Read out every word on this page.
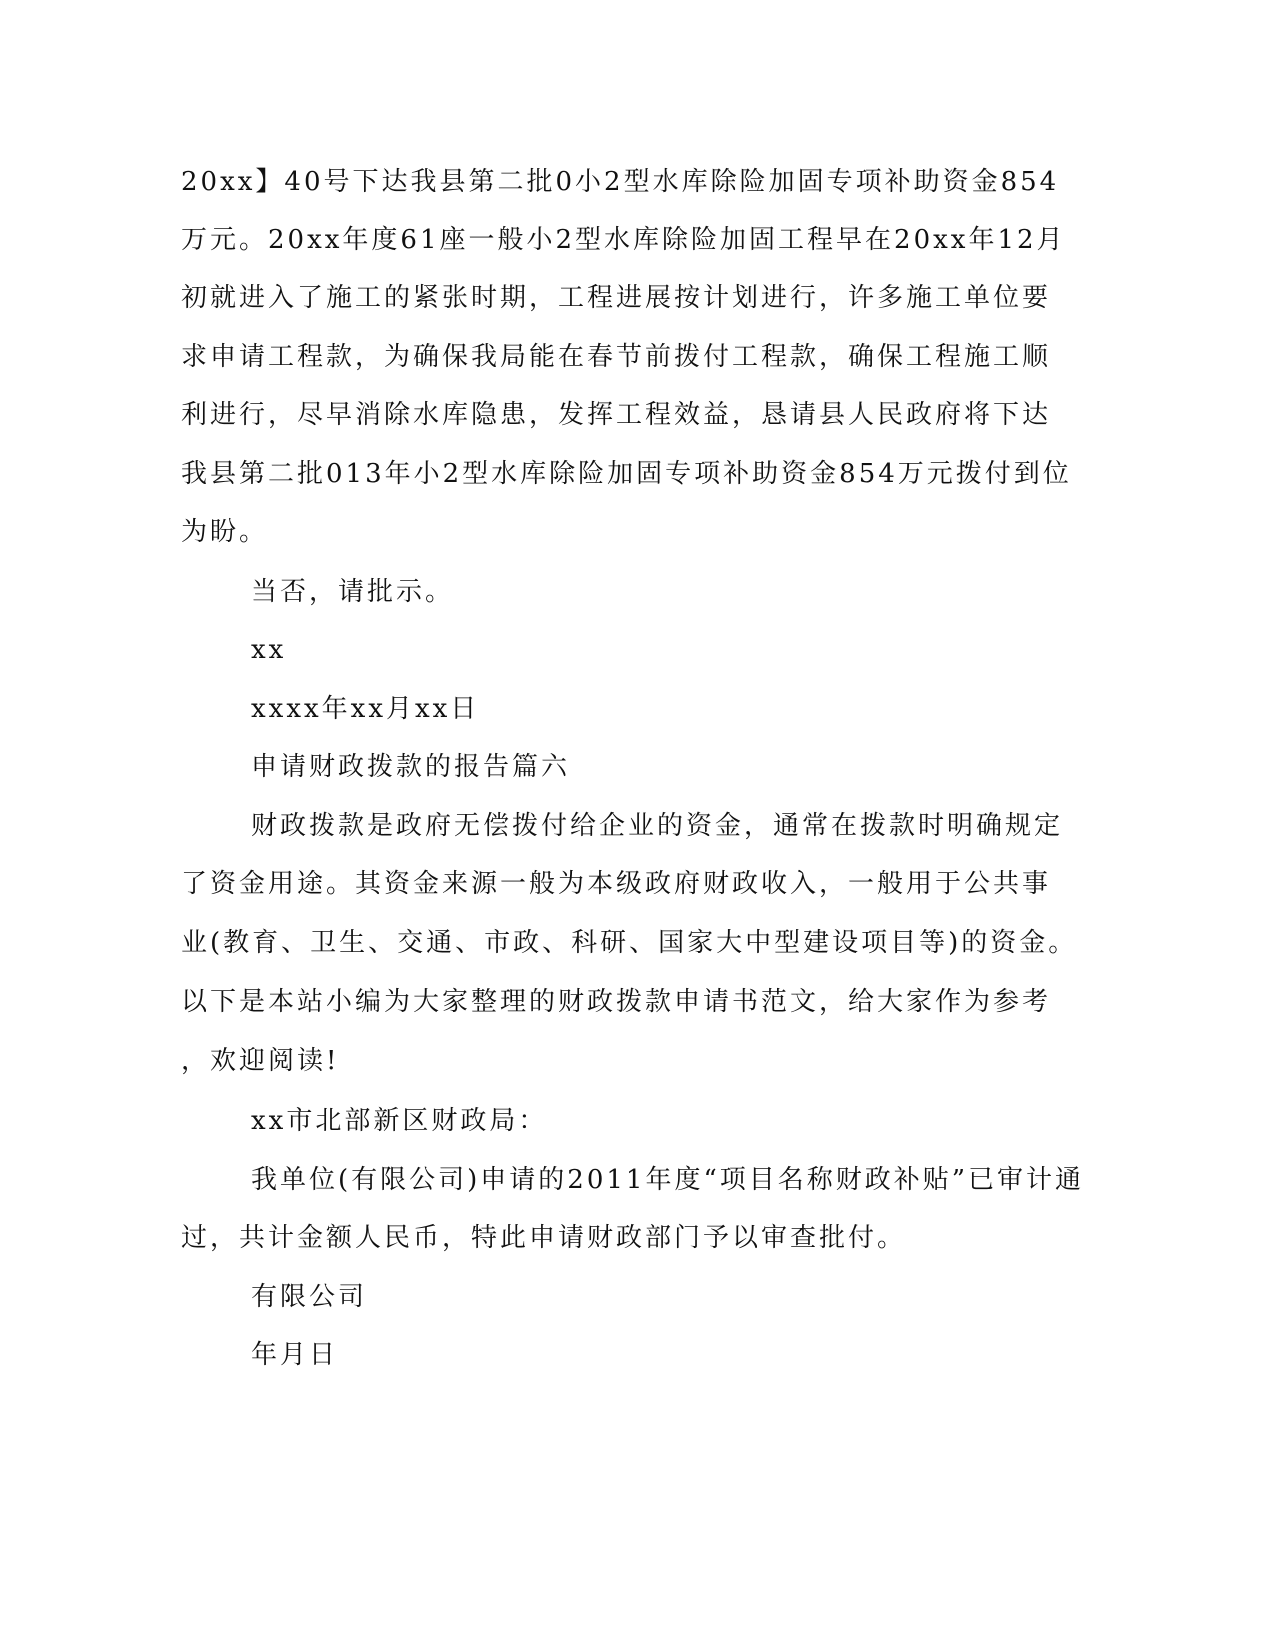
20xx】40号下达我县第二批0小2型水库除险加固专项补助资金854
万元。20xx年度61座一般小2型水库除险加固工程早在20xx年12月
初就进入了施工的紧张时期，工程进展按计划进行，许多施工单位要
求申请工程款，为确保我局能在春节前拨付工程款，确保工程施工顺
利进行，尽早消除水库隐患，发挥工程效益，恳请县人民政府将下达
我县第二批013年小2型水库除险加固专项补助资金854万元拨付到位
为盼。
当否，请批示。
xx
xxxx年xx月xx日
申请财政拨款的报告篇六
财政拨款是政府无偿拨付给企业的资金，通常在拨款时明确规定
了资金用途。其资金来源一般为本级政府财政收入，一般用于公共事
业(教育、卫生、交通、市政、科研、国家大中型建设项目等)的资金。
以下是本站小编为大家整理的财政拨款申请书范文，给大家作为参考
，欢迎阅读!
xx市北部新区财政局：
我单位(有限公司)申请的2011年度“项目名称财政补贴”已审计通
过，共计金额人民币，特此申请财政部门予以审查批付。
有限公司
年月日
